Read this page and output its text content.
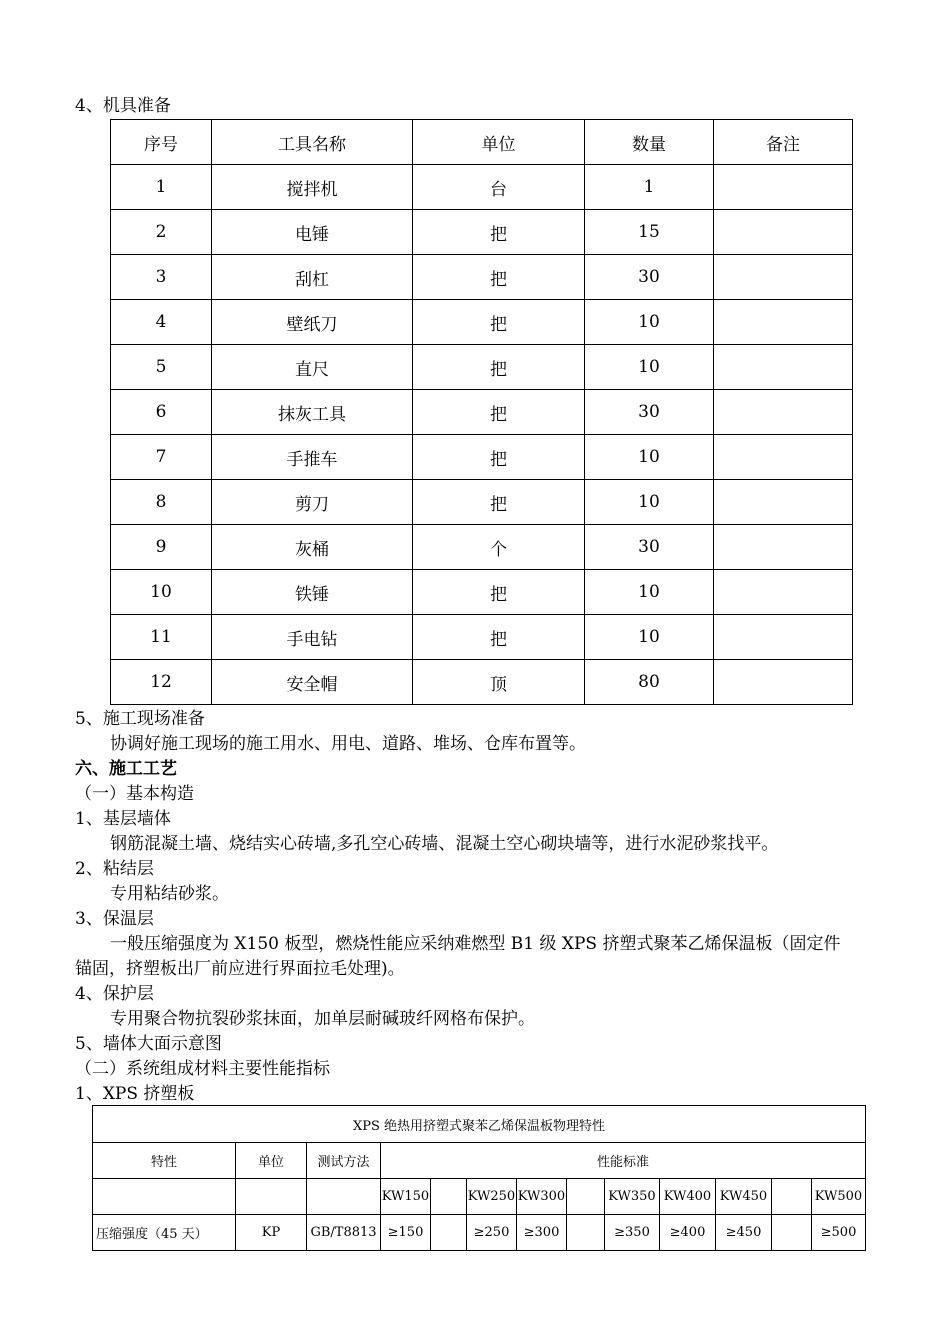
4、机具准备
序号	工具名称	单位	数量	备注
1	搅拌机	台	1	
2	电锤	把	15	
3	刮杠	把	30	
4	壁纸刀	把	10	
5	直尺	把	10	
6	抹灰工具	把	30	
7	手推车	把	10	
8	剪刀	把	10	
9	灰桶	个	30	
10	铁锤	把	10	
11	手电钻	把	10	
12	安全帽	顶	80	
5、施工现场准备
协调好施工现场的施工用水、用电、道路、堆场、仓库布置等。
六、施工工艺
（一）基本构造
1、基层墙体
钢筋混凝土墙、烧结实心砖墙,多孔空心砖墙、混凝土空心砌块墙等，进行水泥砂浆找平。
2、粘结层
专用粘结砂浆。
3、保温层
一般压缩强度为 X150 板型，燃烧性能应采纳难燃型 B1 级 XPS 挤塑式聚苯乙烯保温板（固定件
锚固，挤塑板出厂前应进行界面拉毛处理)。
4、保护层
专用聚合物抗裂砂浆抹面，加单层耐碱玻纤网格布保护。
5、墙体大面示意图
（二）系统组成材料主要性能指标
1、XPS 挤塑板
XPS 绝热用挤塑式聚苯乙烯保温板物理特性												
特性	单位	测试方法	性能标准									
			KW150		KW250	KW300		KW350	KW400	KW450		KW500
压缩强度（45 天）	KP	GB/T8813	≥150		≥250	≥300		≥350	≥400	≥450		≥500
